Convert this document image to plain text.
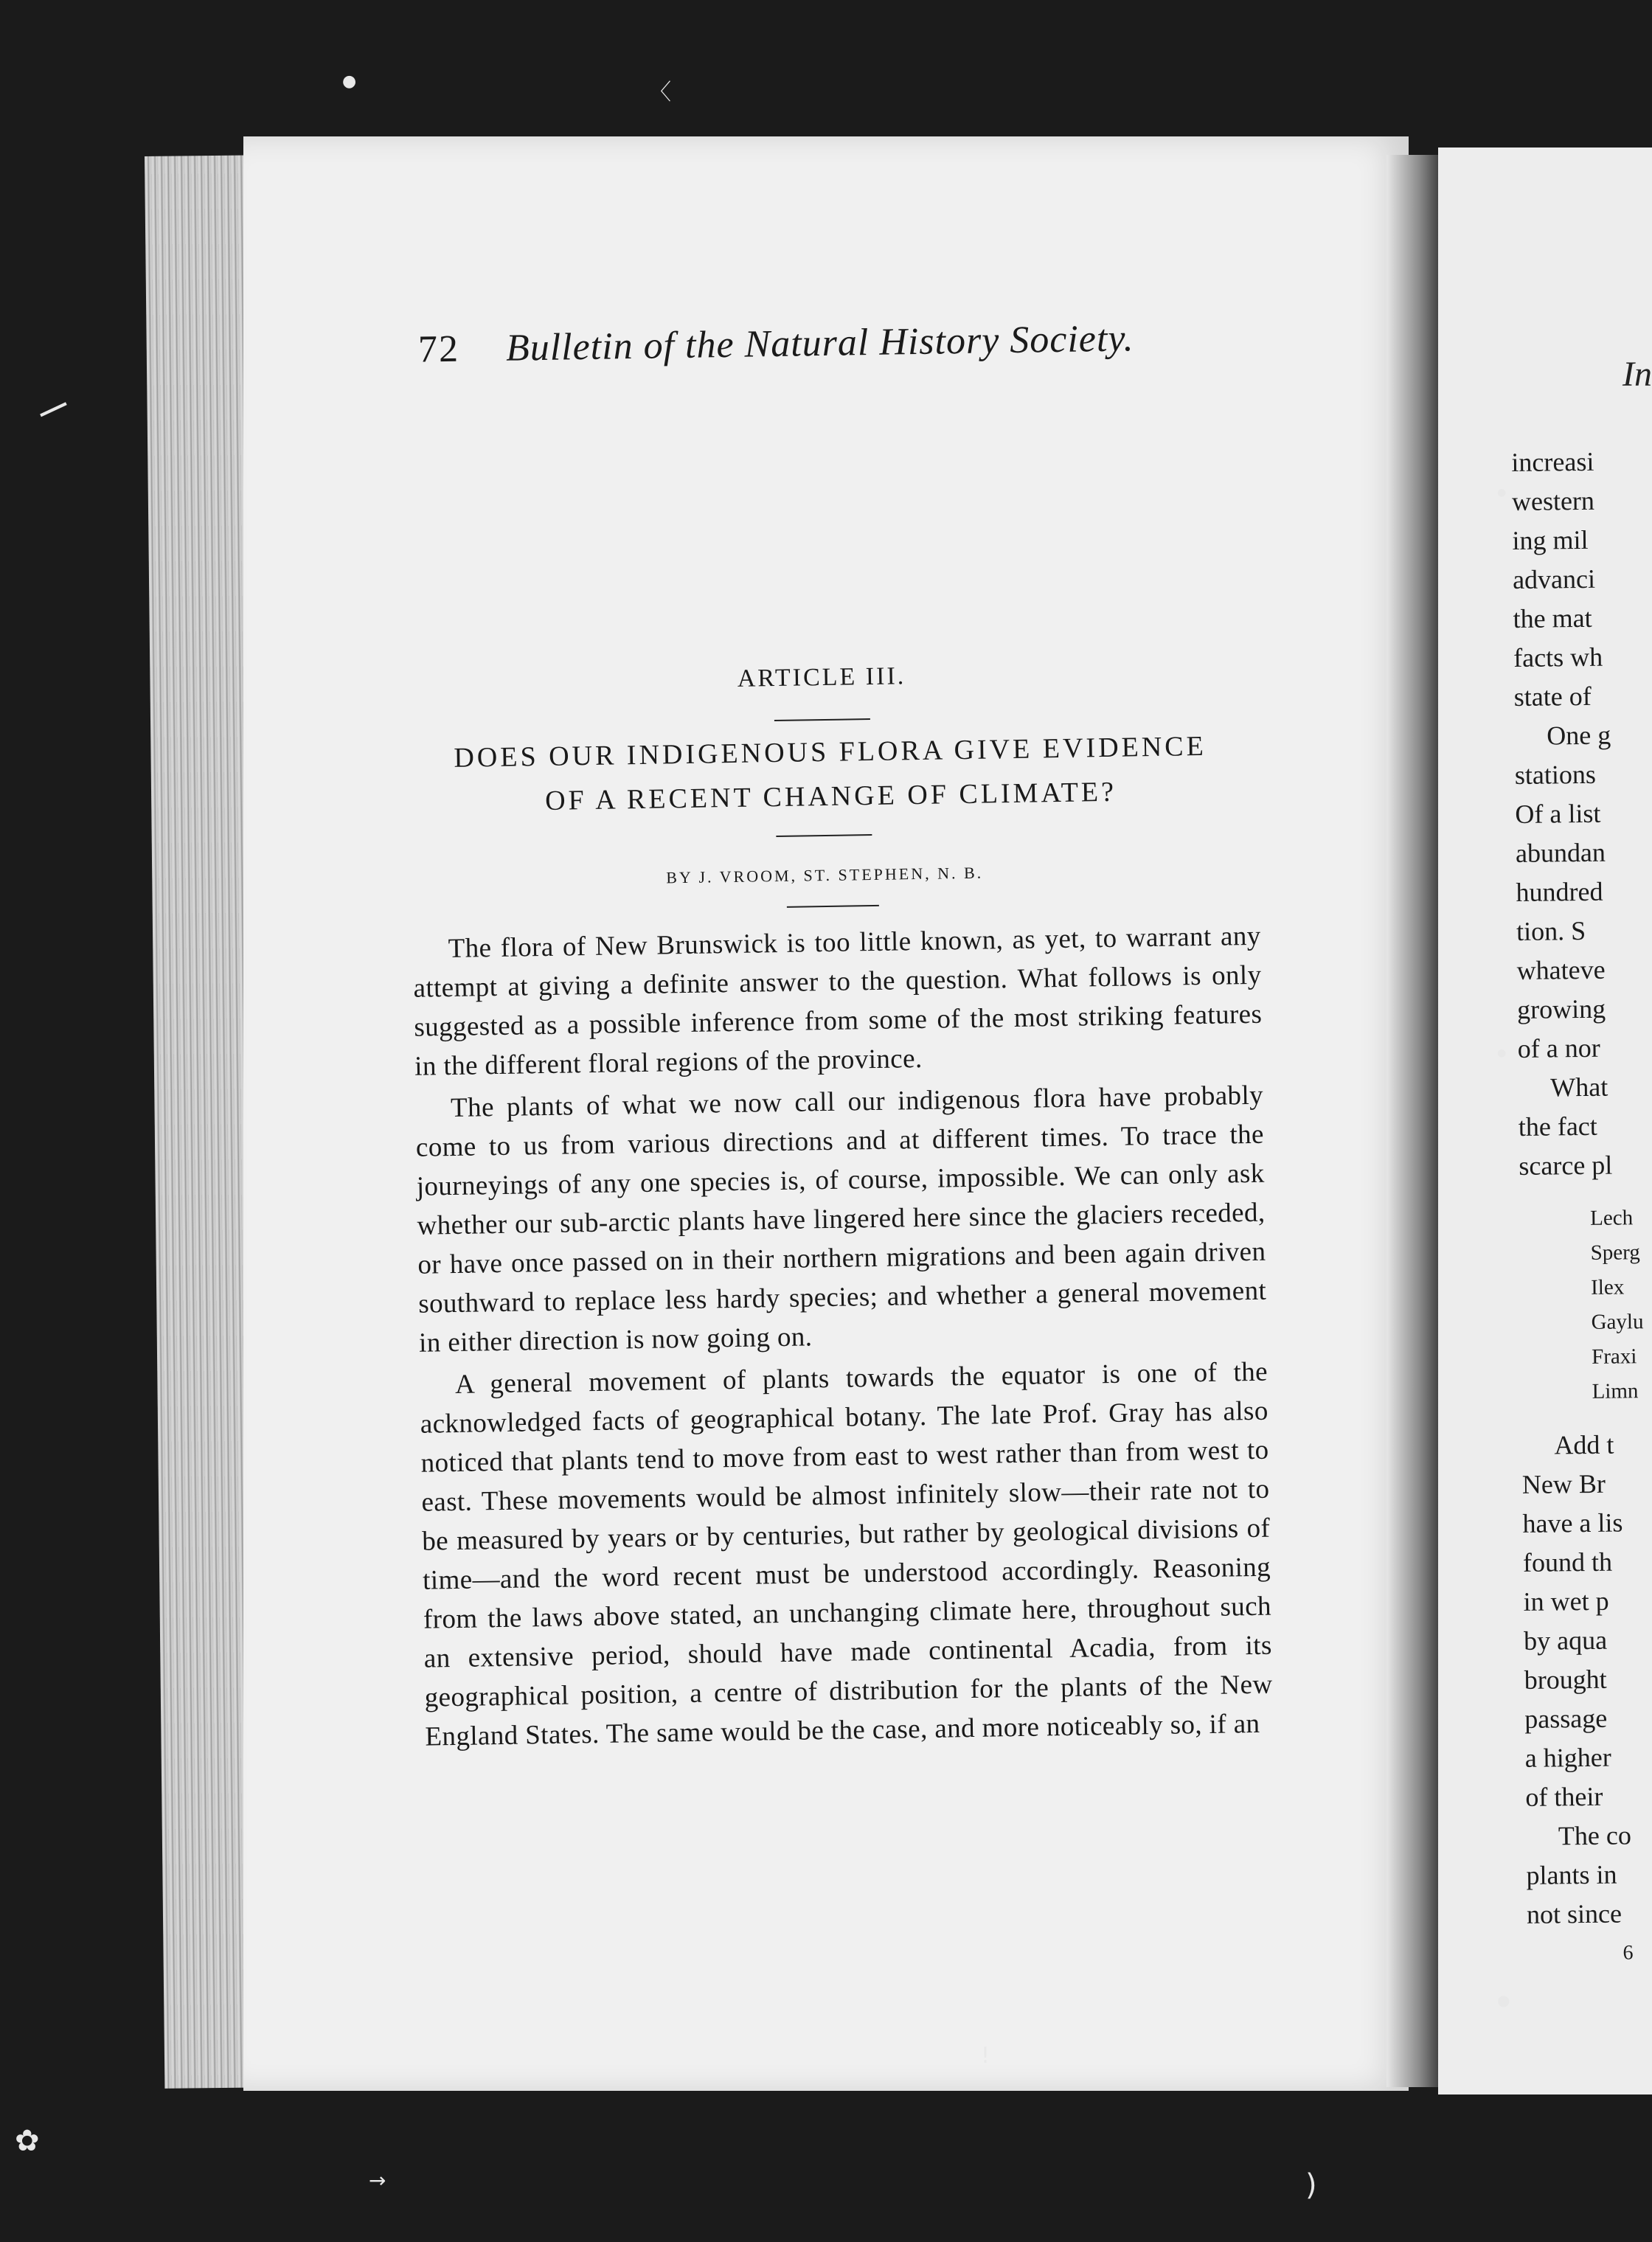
●	〈
⸝
✿
→	)
!
●
●
●
72 Bulletin of the Natural History Society.
ARTICLE III.
DOES OUR INDIGENOUS FLORA GIVE EVIDENCE
OF A RECENT CHANGE OF CLIMATE?
BY J. VROOM, ST. STEPHEN, N. B.

The flora of New Brunswick is too little known, as yet, to warrant any attempt at giving a definite answer to the question. What follows is only suggested as a possible inference from some of the most striking features in the different floral regions of the province.

The plants of what we now call our indigenous flora have probably come to us from various directions and at different times. To trace the journeyings of any one species is, of course, impossible. We can only ask whether our sub-arctic plants have lingered here since the glaciers receded, or have once passed on in their northern migrations and been again driven southward to replace less hardy species; and whether a general movement in either direction is now going on.

A general movement of plants towards the equator is one of the acknowledged facts of geographical botany. The late Prof. Gray has also noticed that plants tend to move from east to west rather than from west to east. These movements would be almost infinitely slow—their rate not to be measured by years or by centuries, but rather by geological divisions of time—and the word recent must be understood accordingly. Reasoning from the laws above stated, an unchanging climate here, throughout such an extensive period, should have made continental Acadia, from its geographical position, a centre of distribution for the plants of the New England States. The same would be the case, and more noticeably so, if an

In
increasi
western
ing mil
advanci
the mat
facts wh
state of
One g
stations
Of a list
abundan
hundred
tion. S
whateve
growing
of a nor
What
the fact
scarce pl
Lech
Sperg
Ilex
Gaylu
Fraxi
Limn
Add t
New Br
have a lis
found th
in wet p
by aqua
brought
passage
a higher
of their
The co
plants in
not since
6
